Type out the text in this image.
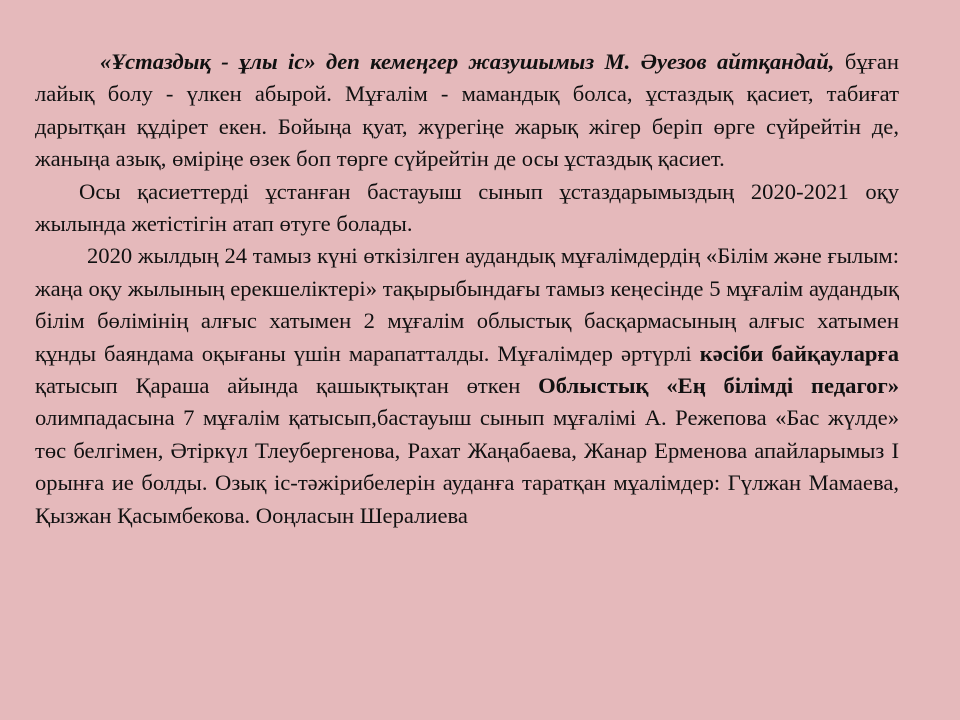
«Ұстаздық - ұлы іс» деп кемеңгер жазушымыз М. Әуезов айтқандай, бұған лайық болу - үлкен абырой. Мұғалім - мамандық болса, ұстаздық қасиет, табиғат дарытқан құдірет екен. Бойыңа қуат, жүрегіңе жарық жігер беріп өрге сүйрейтін де, жаныңа азық, өміріңе өзек боп төрге сүйрейтін де осы ұстаздық қасиет.

Осы қасиеттерді ұстанған бастауыш сынып ұстаздарымыздың 2020-2021 оқу жылында жетістігін атап өтуге болады.

2020 жылдың 24 тамыз күні өткізілген аудандық мұғалімдердің «Білім және ғылым: жаңа оқу жылының ерекшеліктері» тақырыбындағы тамыз кеңесінде 5 мұғалім аудандық білім бөлімінің алғыс хатымен 2 мұғалім облыстық басқармасының алғыс хатымен құнды баяндама оқығаны үшін марапатталды. Мұғалімдер әртүрлі кәсіби байқауларға қатысып Қараша айында қашықтықтан өткен Облыстық «Ең білімді педагог» олимпадасына 7 мұғалім қатысып,бастауыш сынып мұғалімі А. Режепова «Бас жүлде» төс белгімен, Әтіркүл Тлеубергенова, Рахат Жаңабаева, Жанар Ерменова апайларымыз І орынға ие болды. Озық іс-тәжірибелерін ауданға таратқан мұалімдер: Гүлжан Мамаева, Қызжан Қасымбекова. Ооңласын Шералиева
